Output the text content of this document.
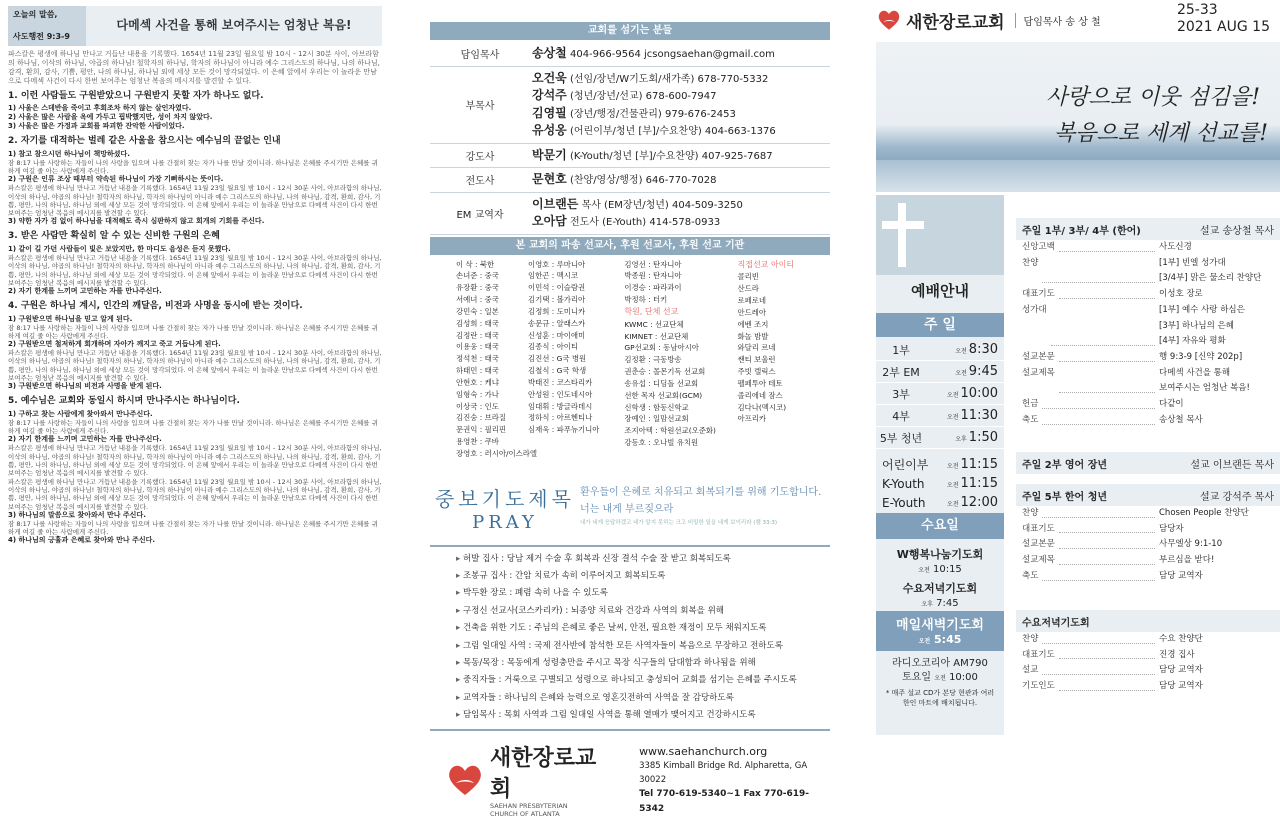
오늘의 말씀,
사도행전 9:3-9
다메섹 사건을 통해 보여주시는 엄청난 복음!
파스칼은 평생에 하나님 만나고 거듭난 내용을 기록했다. 1654년 11월 23일 월요일 밤 10시 - 12시 30분 사이, 아브라함의 하나님, 이삭의 하나님, 야곱의 하나님! 철학자의 하나님, 학자의 하나님이 아니라 예수 그리스도의 하나님, 나의 하나님, 감격, 환희, 감사, 기쁨, 평안, 나의 하나님, 하나님 외에 세상 모든 것이 망각되었다. 이 은혜 앞에서 우리는 이 놀라운 만남으로 다메섹 사건이 다시 한번 보여주는 엄청난 복음의 메시지를 발견할 수 있다.
1. 이런 사람들도 구원받았으니 구원받지 못할 자가 하나도 없다.
1) 사울은 스데반을 죽이고 후회조차 하지 않는 살인자였다.
2) 사울은 많은 사람을 옥에 가두고 핍박했지만, 성이 차지 않았다.
3) 사울은 많은 가정과 교회를 파괴한 잔악한 사람이었다.
2. 자기를 대적하는 벌레 같은 사울을 참으시는 예수님의 끝없는 인내
1) 참고 참으시던 하나님이 책망하셨다.
잠 8:17 나를 사랑하는 자들이 나의 사랑을 입으며 나를 간절히 찾는 자가 나를 만날 것이니라. 하나님은 은혜를 주시기만 은혜를 귀하게 여길 줄 아는 사람에게 주신다.
2) 구원은 인류 조상 때부터 약속된 하나님이 가장 기뻐하시는 뜻이다.
파스칼은 평생에 하나님 만나고 거듭난 내용을 기록했다. 1654년 11월 23일 월요일 밤 10시 - 12시 30분 사이, 아브라함의 하나님, 이삭의 하나님, 야곱의 하나님! 철학자의 하나님, 학자의 하나님이 아니라 예수 그리스도의 하나님, 나의 하나님, 감격, 환희, 감사, 기쁨, 평안, 나의 하나님, 하나님 외에 세상 모든 것이 망각되었다. 이 은혜 앞에서 우리는 이 놀라운 만남으로 다메섹 사건이 다시 한번 보여주는 엄청난 복음의 메시지를 발견할 수 있다.
3) 약한 자가 검 없이 하나님을 대적해도 즉시 심판하지 않고 회개의 기회를 주신다.
3. 받은 사람만 확실히 알 수 있는 신비한 구원의 은혜
1) 같이 길 가던 사람들이 빛은 보았지만, 한 마디도 음성은 듣지 못했다.
파스칼은 평생에 하나님 만나고 거듭난 내용을 기록했다. 1654년 11월 23일 월요일 밤 10시 - 12시 30분 사이, 아브라함의 하나님, 이삭의 하나님, 야곱의 하나님! 철학자의 하나님, 학자의 하나님이 아니라 예수 그리스도의 하나님, 나의 하나님, 감격, 환희, 감사, 기쁨, 평안, 나의 하나님, 하나님 외에 세상 모든 것이 망각되었다. 이 은혜 앞에서 우리는 이 놀라운 만남으로 다메섹 사건이 다시 한번 보여주는 엄청난 복음의 메시지를 발견할 수 있다.
2) 자기 한계를 느끼며 고민하는 자를 만나주신다.
4. 구원은 하나님 계시, 인간의 깨달음, 비전과 사명을 동시에 받는 것이다.
1) 구원받으면 하나님을 믿고 알게 된다.
잠 8:17 나를 사랑하는 자들이 나의 사랑을 입으며 나를 간절히 찾는 자가 나를 만날 것이니라. 하나님은 은혜를 주시기만 은혜를 귀하게 여길 줄 아는 사람에게 주신다.
2) 구원받으면 철저하게 회개하며 자아가 깨지고 죽고 거듭나게 된다.
파스칼은 평생에 하나님 만나고 거듭난 내용을 기록했다. 1654년 11월 23일 월요일 밤 10시 - 12시 30분 사이, 아브라함의 하나님, 이삭의 하나님, 야곱의 하나님! 철학자의 하나님, 학자의 하나님이 아니라 예수 그리스도의 하나님, 나의 하나님, 감격, 환희, 감사, 기쁨, 평안, 나의 하나님, 하나님 외에 세상 모든 것이 망각되었다. 이 은혜 앞에서 우리는 이 놀라운 만남으로 다메섹 사건이 다시 한번 보여주는 엄청난 복음의 메시지를 발견할 수 있다.
3) 구원받으면 하나님의 비전과 사명을 받게 된다.
5. 예수님은 교회와 동일시 하시며 만나주시는 하나님이다.
1) 구하고 찾는 사람에게 찾아와서 만나주신다.
잠 8:17 나를 사랑하는 자들이 나의 사랑을 입으며 나를 간절히 찾는 자가 나를 만날 것이니라. 하나님은 은혜를 주시기만 은혜를 귀하게 여길 줄 아는 사람에게 주신다.
2) 자기 한계를 느끼며 고민하는 자를 만나주신다.
파스칼은 평생에 하나님 만나고 거듭난 내용을 기록했다. 1654년 11월 23일 월요일 밤 10시 - 12시 30분 사이, 아브라함의 하나님, 이삭의 하나님, 야곱의 하나님! 철학자의 하나님, 학자의 하나님이 아니라 예수 그리스도의 하나님, 나의 하나님, 감격, 환희, 감사, 기쁨, 평안, 나의 하나님, 하나님 외에 세상 모든 것이 망각되었다. 이 은혜 앞에서 우리는 이 놀라운 만남으로 다메섹 사건이 다시 한번 보여주는 엄청난 복음의 메시지를 발견할 수 있다.
파스칼은 평생에 하나님 만나고 거듭난 내용을 기록했다. 1654년 11월 23일 월요일 밤 10시 - 12시 30분 사이, 아브라함의 하나님, 이삭의 하나님, 야곱의 하나님! 철학자의 하나님, 학자의 하나님이 아니라 예수 그리스도의 하나님, 나의 하나님, 감격, 환희, 감사, 기쁨, 평안, 나의 하나님, 하나님 외에 세상 모든 것이 망각되었다. 이 은혜 앞에서 우리는 이 놀라운 만남으로 다메섹 사건이 다시 한번 보여주는 엄청난 복음의 메시지를 발견할 수 있다.
3) 하나님의 말씀으로 찾아와서 만나 주신다.
잠 8:17 나를 사랑하는 자들이 나의 사랑을 입으며 나를 간절히 찾는 자가 나를 만날 것이니라. 하나님은 은혜를 주시기만 은혜를 귀하게 여길 줄 아는 사람에게 주신다.
4) 하나님의 긍휼과 은혜로 찾아와 만나 주신다.
교회를 섬기는 분들
담임목사	송상철 404-966-9564 jcsongsaehan@gmail.com

부목사	오건욱 (선임/장년/W기도회/새가족) 678-770-5332
강석주 (청년/장년/선교) 678-600-7947
김영필 (장년/행정/건물관리) 979-676-2453
유성옹 (어린이부/청년 [부]/수요찬양) 404-663-1376

강도사	박문기 (K-Youth/청년 [부]/수요찬양) 407-925-7687

전도사	문현호 (찬양/영상/행정) 646-770-7028

EM 교역자	이브랜든 목사 (EM장년/청년) 404-509-3250
오아담 전도사 (E-Youth) 414-578-0933
본 교회의 파송 선교사, 후원 선교사, 후원 선교 기관
이 삭 : 북한
손녀준 : 중국
유장환 : 중국
서예녀 : 중국
강민숙 : 일본
김성희 : 태국
김정란 : 태국
이용웅 : 태국
정석천 : 태국
하태민 : 태국
안현호 : 케냐
임형숙 : 가나
이상국 : 인도
김진숭 : 브라질
문권익 : 필리핀
용영찬 : 쿠바
장영호 : 러시아/이스라엘
이영호 : 루마니아
임한곤 : 멕시코
이민석 : 이슬람권
김기택 : 볼가리아
김정희 : 도미니카
송문규 : 알래스카
신성훈 : 마이애미
김종식 : 아이티
김진선 : G국 병원
김철식 : G국 학생
박태진 : 코스타리카
안성원 : 인도네시아
임대휘 : 방글라데시
정하식 : 아르헨티나
심재욱 : 파푸뉴기니아
김영선 : 탄자니아
박종원 : 탄자니아
이경승 : 파라과이
박정하 : 터키
학원, 단체 선교
KWMC : 선교단체
KIMNET : 선교단체
GP선교회 : 동남아시아
김정환 : 극동방송
권춘승 : 몰몬기독 선교회
송유섭 : 디딤돌 선교회
선한 목자 선교회(GCM)
신학생 : 함동신학교
장예인 : 일맘선교회
조지아텍 : 학원선교(오준화)
강동호 : 오나빌 유치원
직접선교 아이티
콜리빈
산드라
로페로네
안드레아
에벤 조지
화놀 밤발
와달리 르네
쌘티 보울런
주빗 렐릭스
펠페투아 테토
졸리에네 잠스
김다나(멕시코)
아프리카
중보기도제목
PRAY
환우들이 은혜로 치유되고 회복되기를 위해 기도합니다.
너는 내게 부르짖으라
내가 네게 응답하겠고 네가 알지 못하는 크고 비밀한 일을 네게 보이리라 (렘 33:3)
▸ 허발 집사 : 당남 제거 수술 후 회복과 신장 결석 수술 잘 받고 회복되도록
▸ 조봉규 집사 : 간암 치료가 속히 이루어지고 회복되도록
▸ 박두환 장로 : 폐렴 속히 나을 수 있도록
▸ 구정신 선교사(코스카리카) : 뇌종양 치료와 건강과 사역의 회복을 위해
▸ 건축을 위한 기도 : 주님의 은혜로 좋은 날씨, 안전, 필요한 재정이 모두 채워지도록
▸ 그림 일대일 사역 : 국제 전사반에 참석한 모든 사역자들이 복음으로 무장하고 전하도록
▸ 목동/목장 : 목동에게 성령충만을 주시고 목장 식구들의 담대함과 하나됨을 위해
▸ 중직자들 : 거룩으로 구별되고 성령으로 하나되고 충성되어 교회를 섬기는 은혜를 주시도록
▸ 교역자들 : 하나님의 은혜와 능력으로 영혼깃전하여 사역을 잘 감당하도록
▸ 담임목사 : 목회 사역과 그림 일대일 사역을 통해 열매가 맺어지고 건강하시도록
새한장로교회
SAEHAN PRESBYTERIAN
CHURCH OF ATLANTA
www.saehanchurch.org
3385 Kimball Bridge Rd. Alpharetta, GA 30022
Tel 770-619-5340~1 Fax 770-619-5342
새한장로교회	담임목사 송 상 철
25-33
2021 AUG 15
사랑으로 이웃 섬김을!
복음으로 세계 선교를!
예배안내
주 일
1부	오전 8:30
2부 EM	오전 9:45
3부	오전 10:00
4부	오전 11:30
5부 청년	오후 1:50
어린이부	오전 11:15
K-Youth	오전 11:15
E-Youth	오전 12:00
수요일
W행복나눔기도회
오전 10:15
수요저녁기도회
오후 7:45
매일새벽기도회
오전 5:45
라디오코리아 AM790
토요일 오전 10:00
* 매주 설교 CD가 본당 현관과 여러 한인 마트에 배치됩니다.
주일 1부/ 3부/ 4부 (한어)	설교 송상철 목사
신앙고백	사도신경
찬양	[1부] 빈엘 성가대
[3/4부] 맑은 물소리 찬양단
대표기도	이성호 장로
성가대	[1부] 예수 사랑 하심은
[3부] 하나님의 은혜
[4부] 자유와 평화
설교본문	행 9:3-9 [신약 202p]
설교제목	다메섹 사건을 통해
보여주시는 엄청난 복음!
헌금	다같이
축도	송상철 목사
주일 2부 영어 장년	설교 이브랜든 목사
주일 5부 한어 청년	설교 강석주 목사
찬양	Chosen People 찬양단
대표기도	담당자
설교본문	사무엘상 9:1-10
설교제목	부르심을 받다!
축도	담당 교역자
수요저녁기도회
찬양	수요 찬양단
대표기도	진경 집사
설교	담당 교역자
기도인도	담당 교역자
